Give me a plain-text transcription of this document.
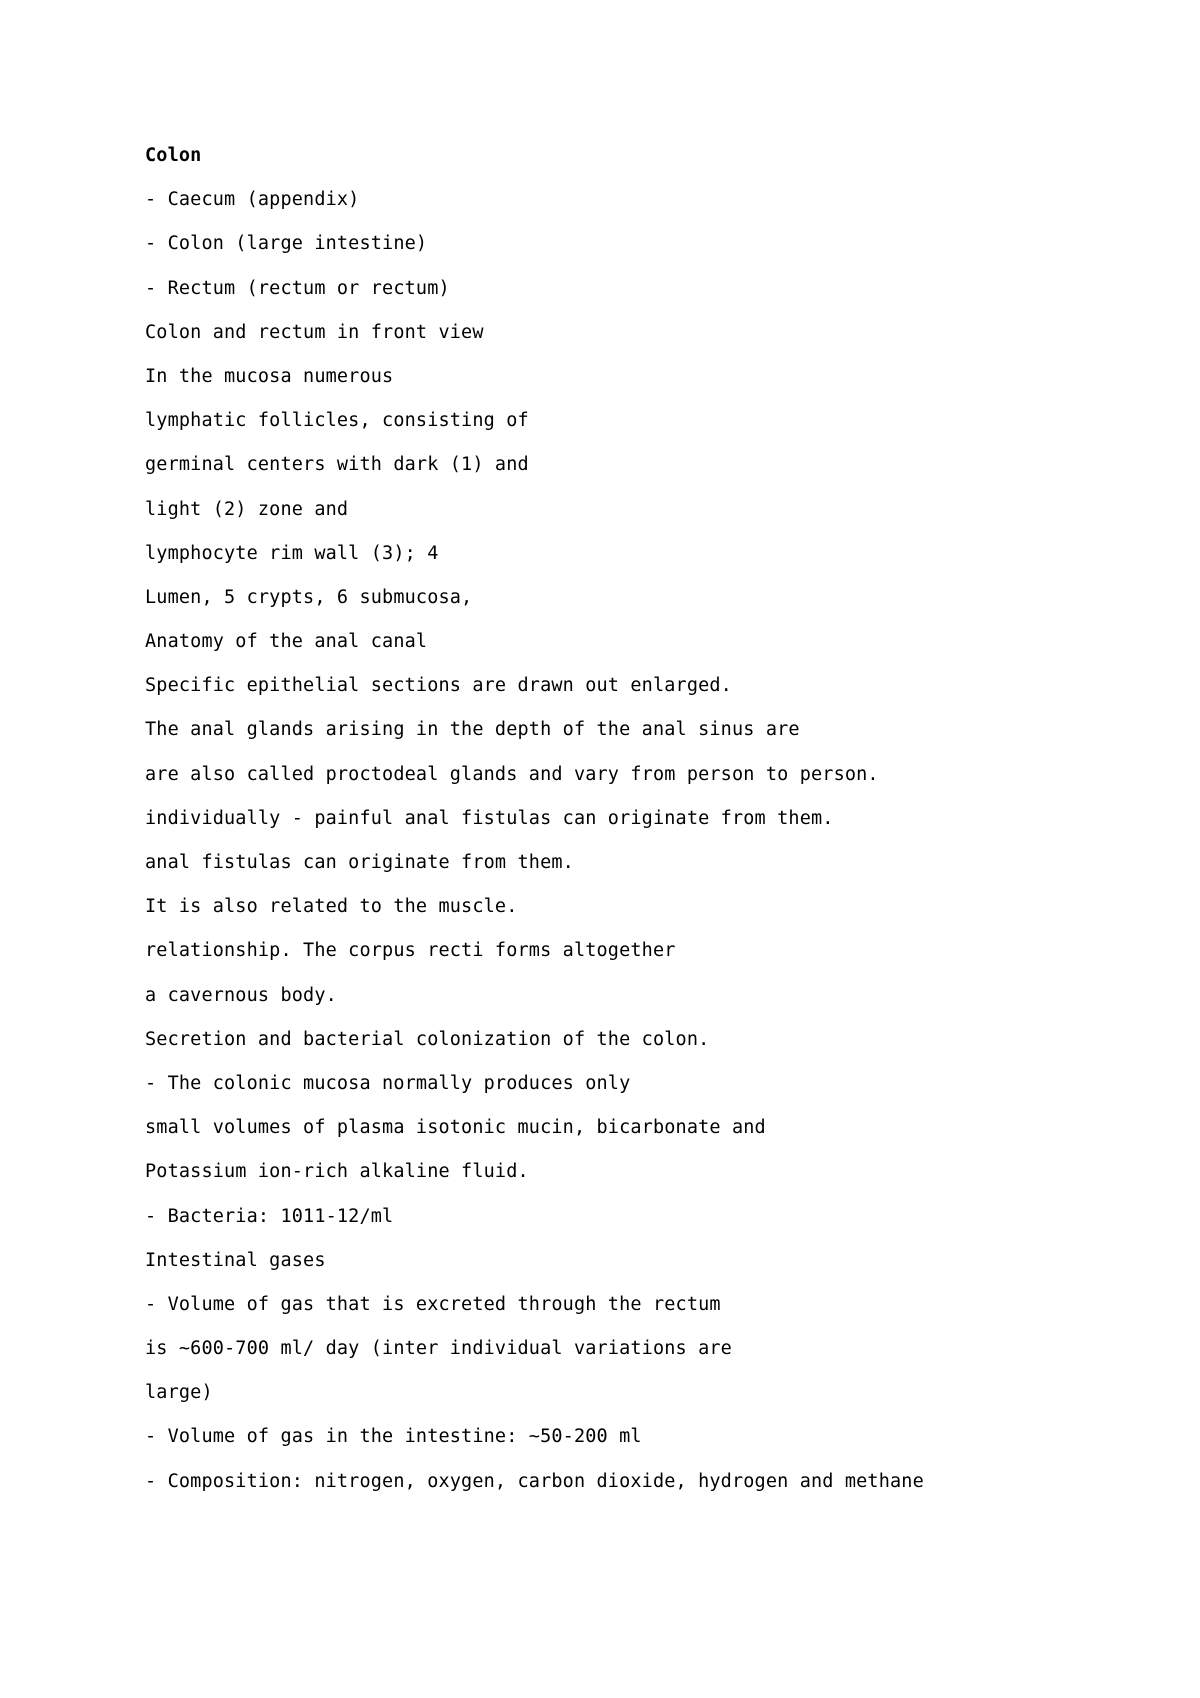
Colon
- Caecum (appendix)
- Colon (large intestine)
- Rectum (rectum or rectum)
Colon and rectum in front view
In the mucosa numerous
lymphatic follicles, consisting of
germinal centers with dark (1) and
light (2) zone and
lymphocyte rim wall (3); 4
Lumen, 5 crypts, 6 submucosa,
Anatomy of the anal canal
Specific epithelial sections are drawn out enlarged.
The anal glands arising in the depth of the anal sinus are
are also called proctodeal glands and vary from person to person.
individually - painful anal fistulas can originate from them.
anal fistulas can originate from them.
It is also related to the muscle.
relationship. The corpus recti forms altogether
a cavernous body.
Secretion and bacterial colonization of the colon.
- The colonic mucosa normally produces only
small volumes of plasma isotonic mucin, bicarbonate and
Potassium ion-rich alkaline fluid.
- Bacteria: 1011-12/ml
Intestinal gases
- Volume of gas that is excreted through the rectum
is ~600-700 ml/ day (inter individual variations are
large)
- Volume of gas in the intestine: ~50-200 ml
- Composition: nitrogen, oxygen, carbon dioxide, hydrogen and methane
